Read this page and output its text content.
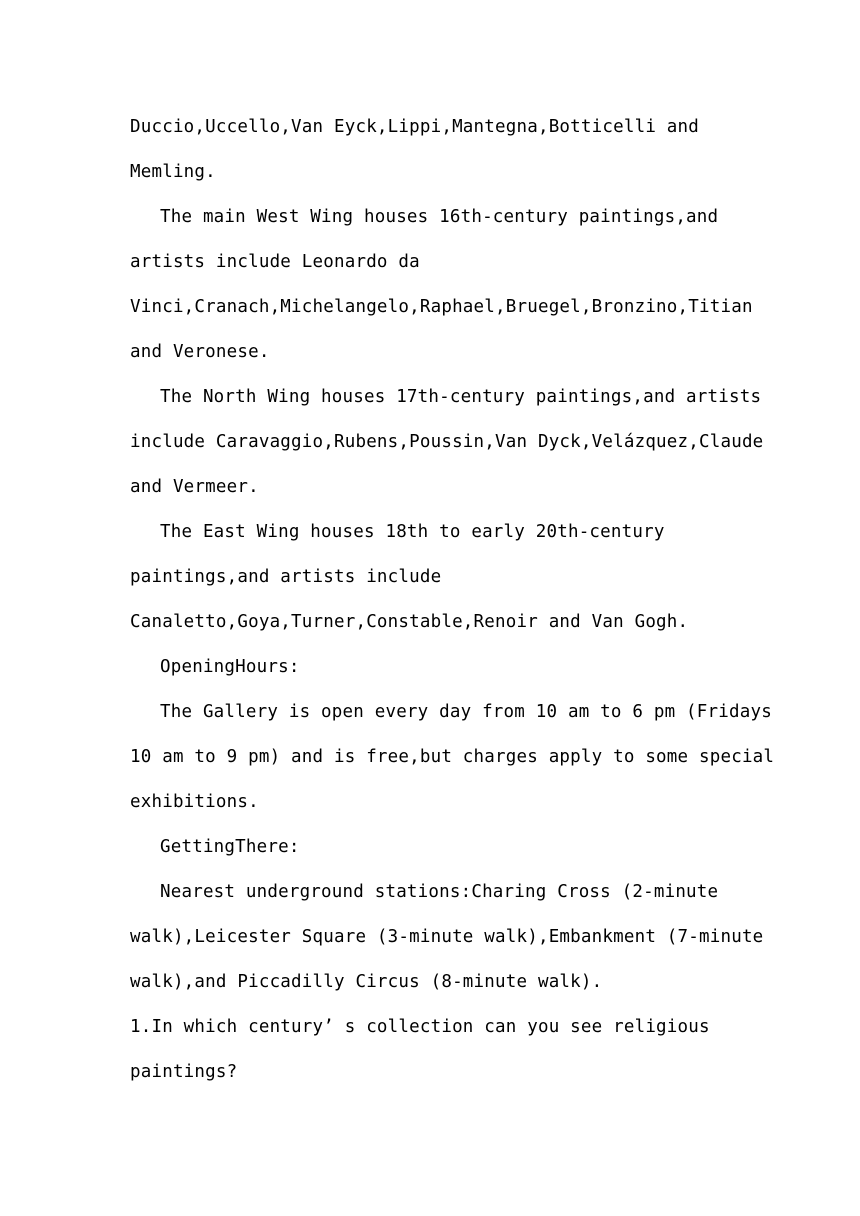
Duccio,Uccello,Van Eyck,Lippi,Mantegna,Botticelli and
Memling.
The main West Wing houses 16th-century paintings,and
artists include Leonardo da
Vinci,Cranach,Michelangelo,Raphael,Bruegel,Bronzino,Titian
and Veronese.
The North Wing houses 17th-century paintings,and artists
include Caravaggio,Rubens,Poussin,Van Dyck,Velázquez,Claude
and Vermeer.
The East Wing houses 18th to early 20th-century
paintings,and artists include
Canaletto,Goya,Turner,Constable,Renoir and Van Gogh.
OpeningHours:
The Gallery is open every day from 10 am to 6 pm (Fridays
10 am to 9 pm) and is free,but charges apply to some special
exhibitions.
GettingThere:
Nearest underground stations:Charing Cross (2-minute
walk),Leicester Square (3-minute walk),Embankment (7-minute
walk),and Piccadilly Circus (8-minute walk).
1.In which century’ s collection can you see religious
paintings?
